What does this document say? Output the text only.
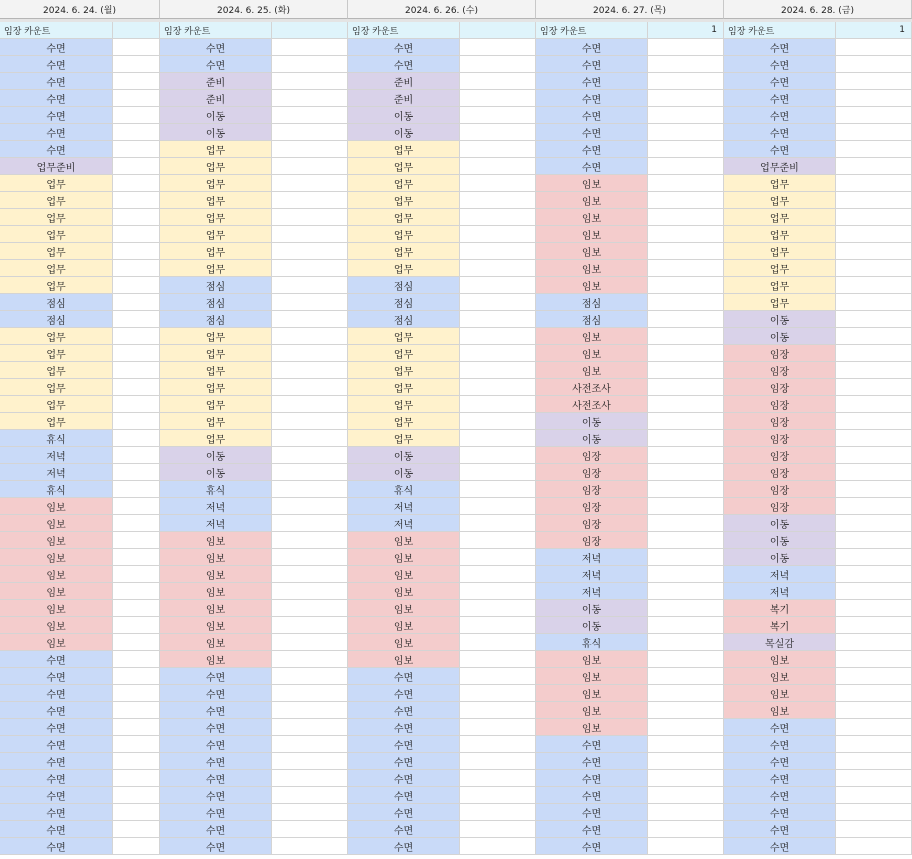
2024. 6. 24. (월)
임장 카운트
수면
수면
수면
수면
수면
수면
수면
업무준비
업무
업무
업무
업무
업무
업무
업무
점심
점심
업무
업무
업무
업무
업무
업무
휴식
저녁
저녁
휴식
임보
임보
임보
임보
임보
임보
임보
임보
임보
수면
수면
수면
수면
수면
수면
수면
수면
수면
수면
수면
수면
2024. 6. 25. (화)
임장 카운트
수면
수면
준비
준비
이동
이동
업무
업무
업무
업무
업무
업무
업무
업무
점심
점심
점심
업무
업무
업무
업무
업무
업무
업무
이동
이동
휴식
저녁
저녁
임보
임보
임보
임보
임보
임보
임보
임보
수면
수면
수면
수면
수면
수면
수면
수면
수면
수면
수면
2024. 6. 26. (수)
임장 카운트
수면
수면
준비
준비
이동
이동
업무
업무
업무
업무
업무
업무
업무
업무
점심
점심
점심
업무
업무
업무
업무
업무
업무
업무
이동
이동
휴식
저녁
저녁
임보
임보
임보
임보
임보
임보
임보
임보
수면
수면
수면
수면
수면
수면
수면
수면
수면
수면
수면
2024. 6. 27. (목)
임장 카운트	1
수면
수면
수면
수면
수면
수면
수면
수면
임보
임보
임보
임보
임보
임보
임보
점심
점심
임보
임보
임보
사전조사
사전조사
이동
이동
임장
임장
임장
임장
임장
임장
저녁
저녁
저녁
이동
이동
휴식
임보
임보
임보
임보
임보
수면
수면
수면
수면
수면
수면
수면
2024. 6. 28. (금)
임장 카운트	1
수면
수면
수면
수면
수면
수면
수면
업무준비
업무
업무
업무
업무
업무
업무
업무
업무
이동
이동
임장
임장
임장
임장
임장
임장
임장
임장
임장
임장
이동
이동
이동
저녁
저녁
복기
복기
목실감
임보
임보
임보
임보
수면
수면
수면
수면
수면
수면
수면
수면
